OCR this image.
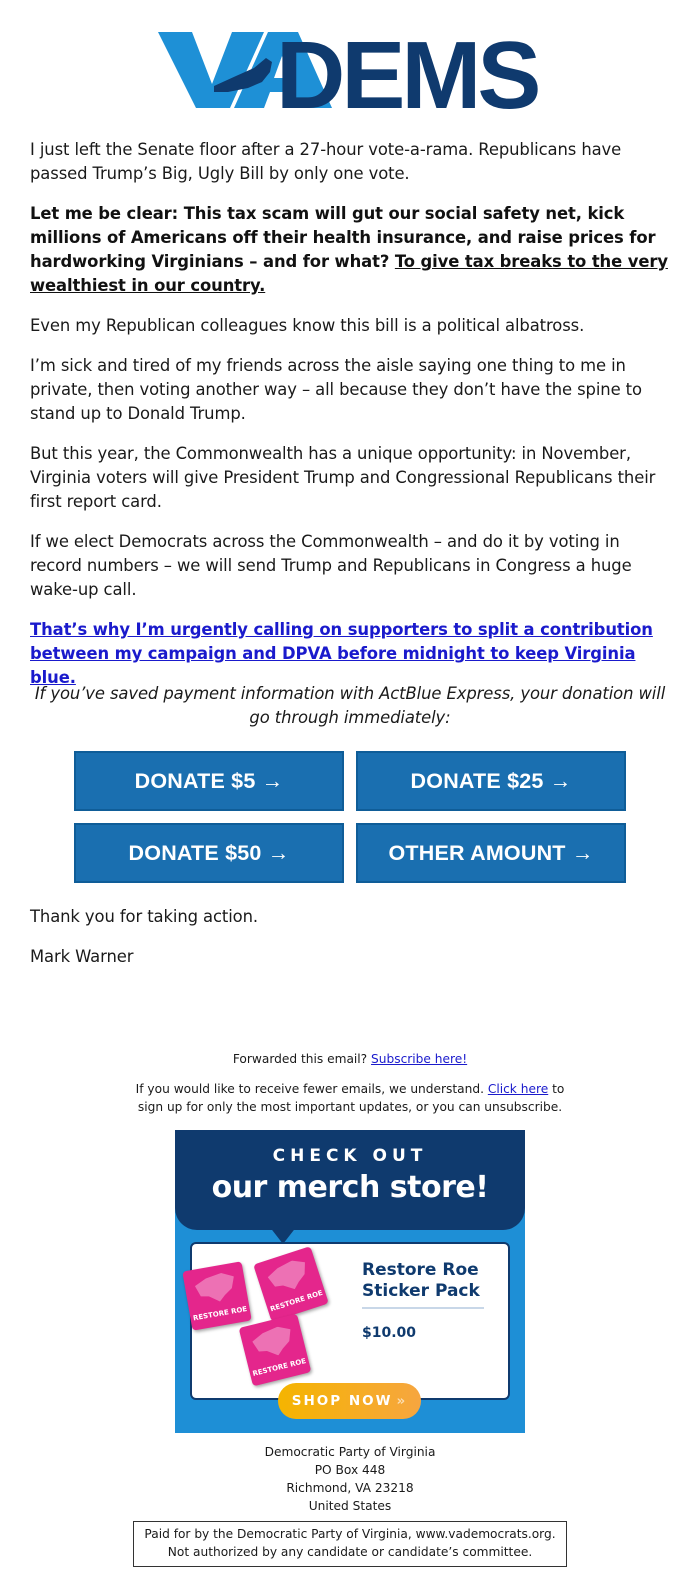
DEMS

I just left the Senate floor after a 27-hour vote-a-rama. Republicans have passed Trump’s Big, Ugly Bill by only one vote.

Let me be clear: This tax scam will gut our social safety net, kick millions of Americans off their health insurance, and raise prices for hardworking Virginians – and for what? To give tax breaks to the very wealthiest in our country.

Even my Republican colleagues know this bill is a political albatross.

I’m sick and tired of my friends across the aisle saying one thing to me in private, then voting another way – all because they don’t have the spine to stand up to Donald Trump.

But this year, the Commonwealth has a unique opportunity: in November, Virginia voters will give President Trump and Congressional Republicans their first report card.

If we elect Democrats across the Commonwealth – and do it by voting in record numbers – we will send Trump and Republicans in Congress a huge wake-up call.

That’s why I’m urgently calling on supporters to split a contribution between my campaign and DPVA before midnight to keep Virginia blue.

If you’ve saved payment information with ActBlue Express, your donation will go through immediately:

Thank you for taking action.

Mark Warner

DONATE $5 →	DONATE $25 →
DONATE $50 →	OTHER AMOUNT →
Forwarded this email? Subscribe here!
If you would like to receive fewer emails, we understand. Click here to sign up for only the most important updates, or you can unsubscribe.
CHECK OUT
our merch store!
RESTORE ROE
RESTORE ROE
RESTORE ROE
Restore Roe Sticker Pack
$10.00
SHOP NOW »
Democratic Party of Virginia
PO Box 448
Richmond, VA 23218
United States
Paid for by the Democratic Party of Virginia, www.vademocrats.org.
Not authorized by any candidate or candidate’s committee.
